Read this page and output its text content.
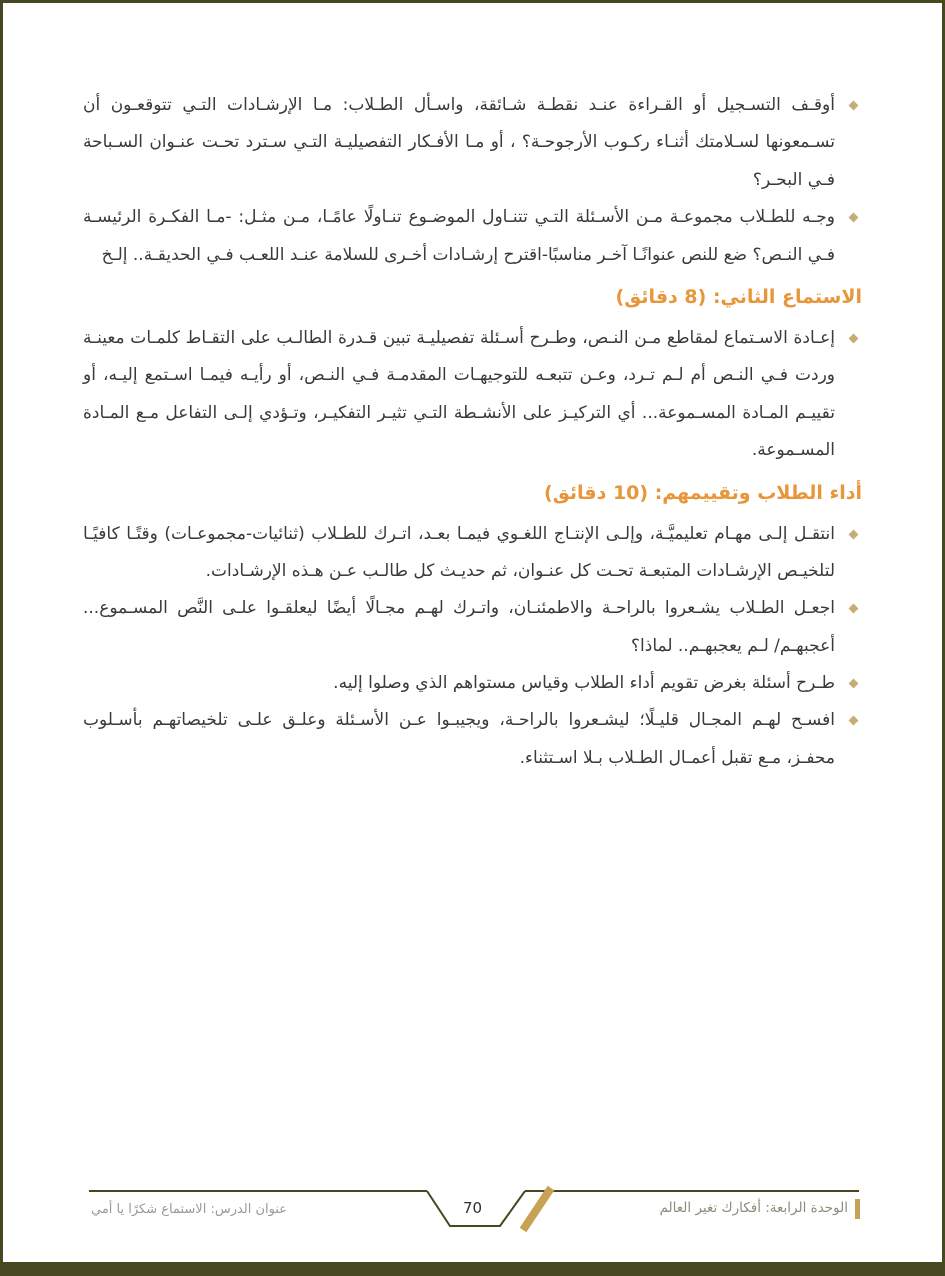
أوقـف التسـجيل أو القـراءة عنـد نقطـة شـائقة، واسـأل الطـلاب: مـا الإرشـادات التـي تتوقعـون أن تسـمعونها لسـلامتك أثنـاء ركـوب الأرجوحـة؟ ، أو مـا الأفـكار التفصيليـة التـي سـترد تحـت عنـوان السـباحة فـي البحـر؟
وجـه للطـلاب مجموعـة مـن الأسـئلة التـي تتنـاول الموضـوع تنـاولًا عامًـا، مـن مثـل: -مـا الفكـرة الرئيسـة فـي النـص؟ ضع للنص عنوانًـا آخـر مناسبًا-اقترح إرشـادات أخـرى للسلامة عنـد اللعـب فـي الحديقـة.. إلـخ
الاستماع الثاني: (8 دقائق)
إعـادة الاسـتماع لمقاطع مـن النـص، وطـرح أسـئلة تفصيليـة تبين قـدرة الطالـب على التقـاط كلمـات معينـة وردت فـي النـص أم لـم تـرد، وعـن تتبعـه للتوجيهـات المقدمـة فـي النـص، أو رأيـه فيمـا اسـتمع إليـه، أو تقييـم المـادة المسـموعة... أي التركيـز على الأنشـطة التـي تثيـر التفكيـر، وتـؤدي إلـى التفاعل مـع المـادة المسـموعة.
أداء الطلاب وتقييمهم: (10 دقائق)
انتقـل إلـى مهـام تعليميَّـة، وإلـى الإنتـاج اللغـوي فيمـا بعـد، اتـرك للطـلاب (ثنائيات-مجموعـات) وقتًـا كافيًـا لتلخيـص الإرشـادات المتبعـة تحـت كل عنـوان، ثم حديـث كل طالـب عـن هـذه الإرشـادات.
اجعـل الطـلاب يشـعروا بالراحـة والاطمئنـان، واتـرك لهـم مجـالًا أيضًا ليعلقـوا علـى النَّص المسـموع... أعجبهـم/ لـم يعجبهـم.. لماذا؟
طـرح أسئلة بغرض تقويم أداء الطلاب وقياس مستواهم الذي وصلوا إليه.
افسـح لهـم المجـال قليـلًا؛ ليشـعروا بالراحـة، ويجيبـوا عـن الأسـئلة وعلـق علـى تلخيصاتهـم بأسـلوب محفـز، مـع تقبل أعمـال الطـلاب بـلا اسـتثناء.
70
عنوان الدرس: الاستماع شكرًا يا أمي	الوحدة الرابعة: أفكارك تغير العالم
